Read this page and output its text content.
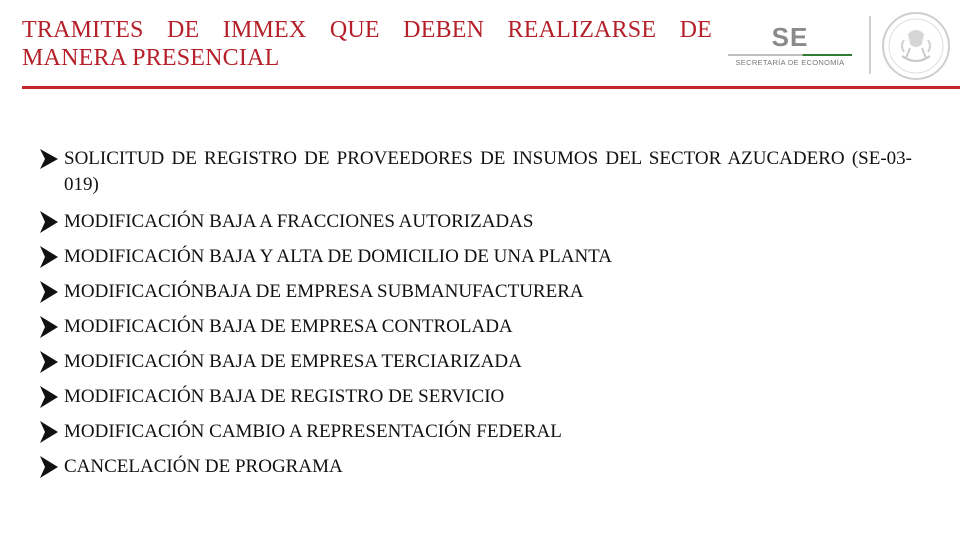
TRAMITES DE IMMEX QUE DEBEN REALIZARSE DE MANERA PRESENCIAL
SE
SECRETARÍA DE ECONOMÍA
SOLICITUD DE REGISTRO DE PROVEEDORES DE INSUMOS DEL SECTOR AZUCADERO (SE-03-019)
MODIFICACIÓN BAJA A FRACCIONES AUTORIZADAS
MODIFICACIÓN BAJA Y ALTA DE DOMICILIO DE UNA PLANTA
MODIFICACIÓNBAJA DE EMPRESA SUBMANUFACTURERA
MODIFICACIÓN BAJA DE EMPRESA CONTROLADA
MODIFICACIÓN BAJA DE EMPRESA TERCIARIZADA
MODIFICACIÓN BAJA DE REGISTRO DE SERVICIO
MODIFICACIÓN CAMBIO A REPRESENTACIÓN FEDERAL
CANCELACIÓN DE PROGRAMA
